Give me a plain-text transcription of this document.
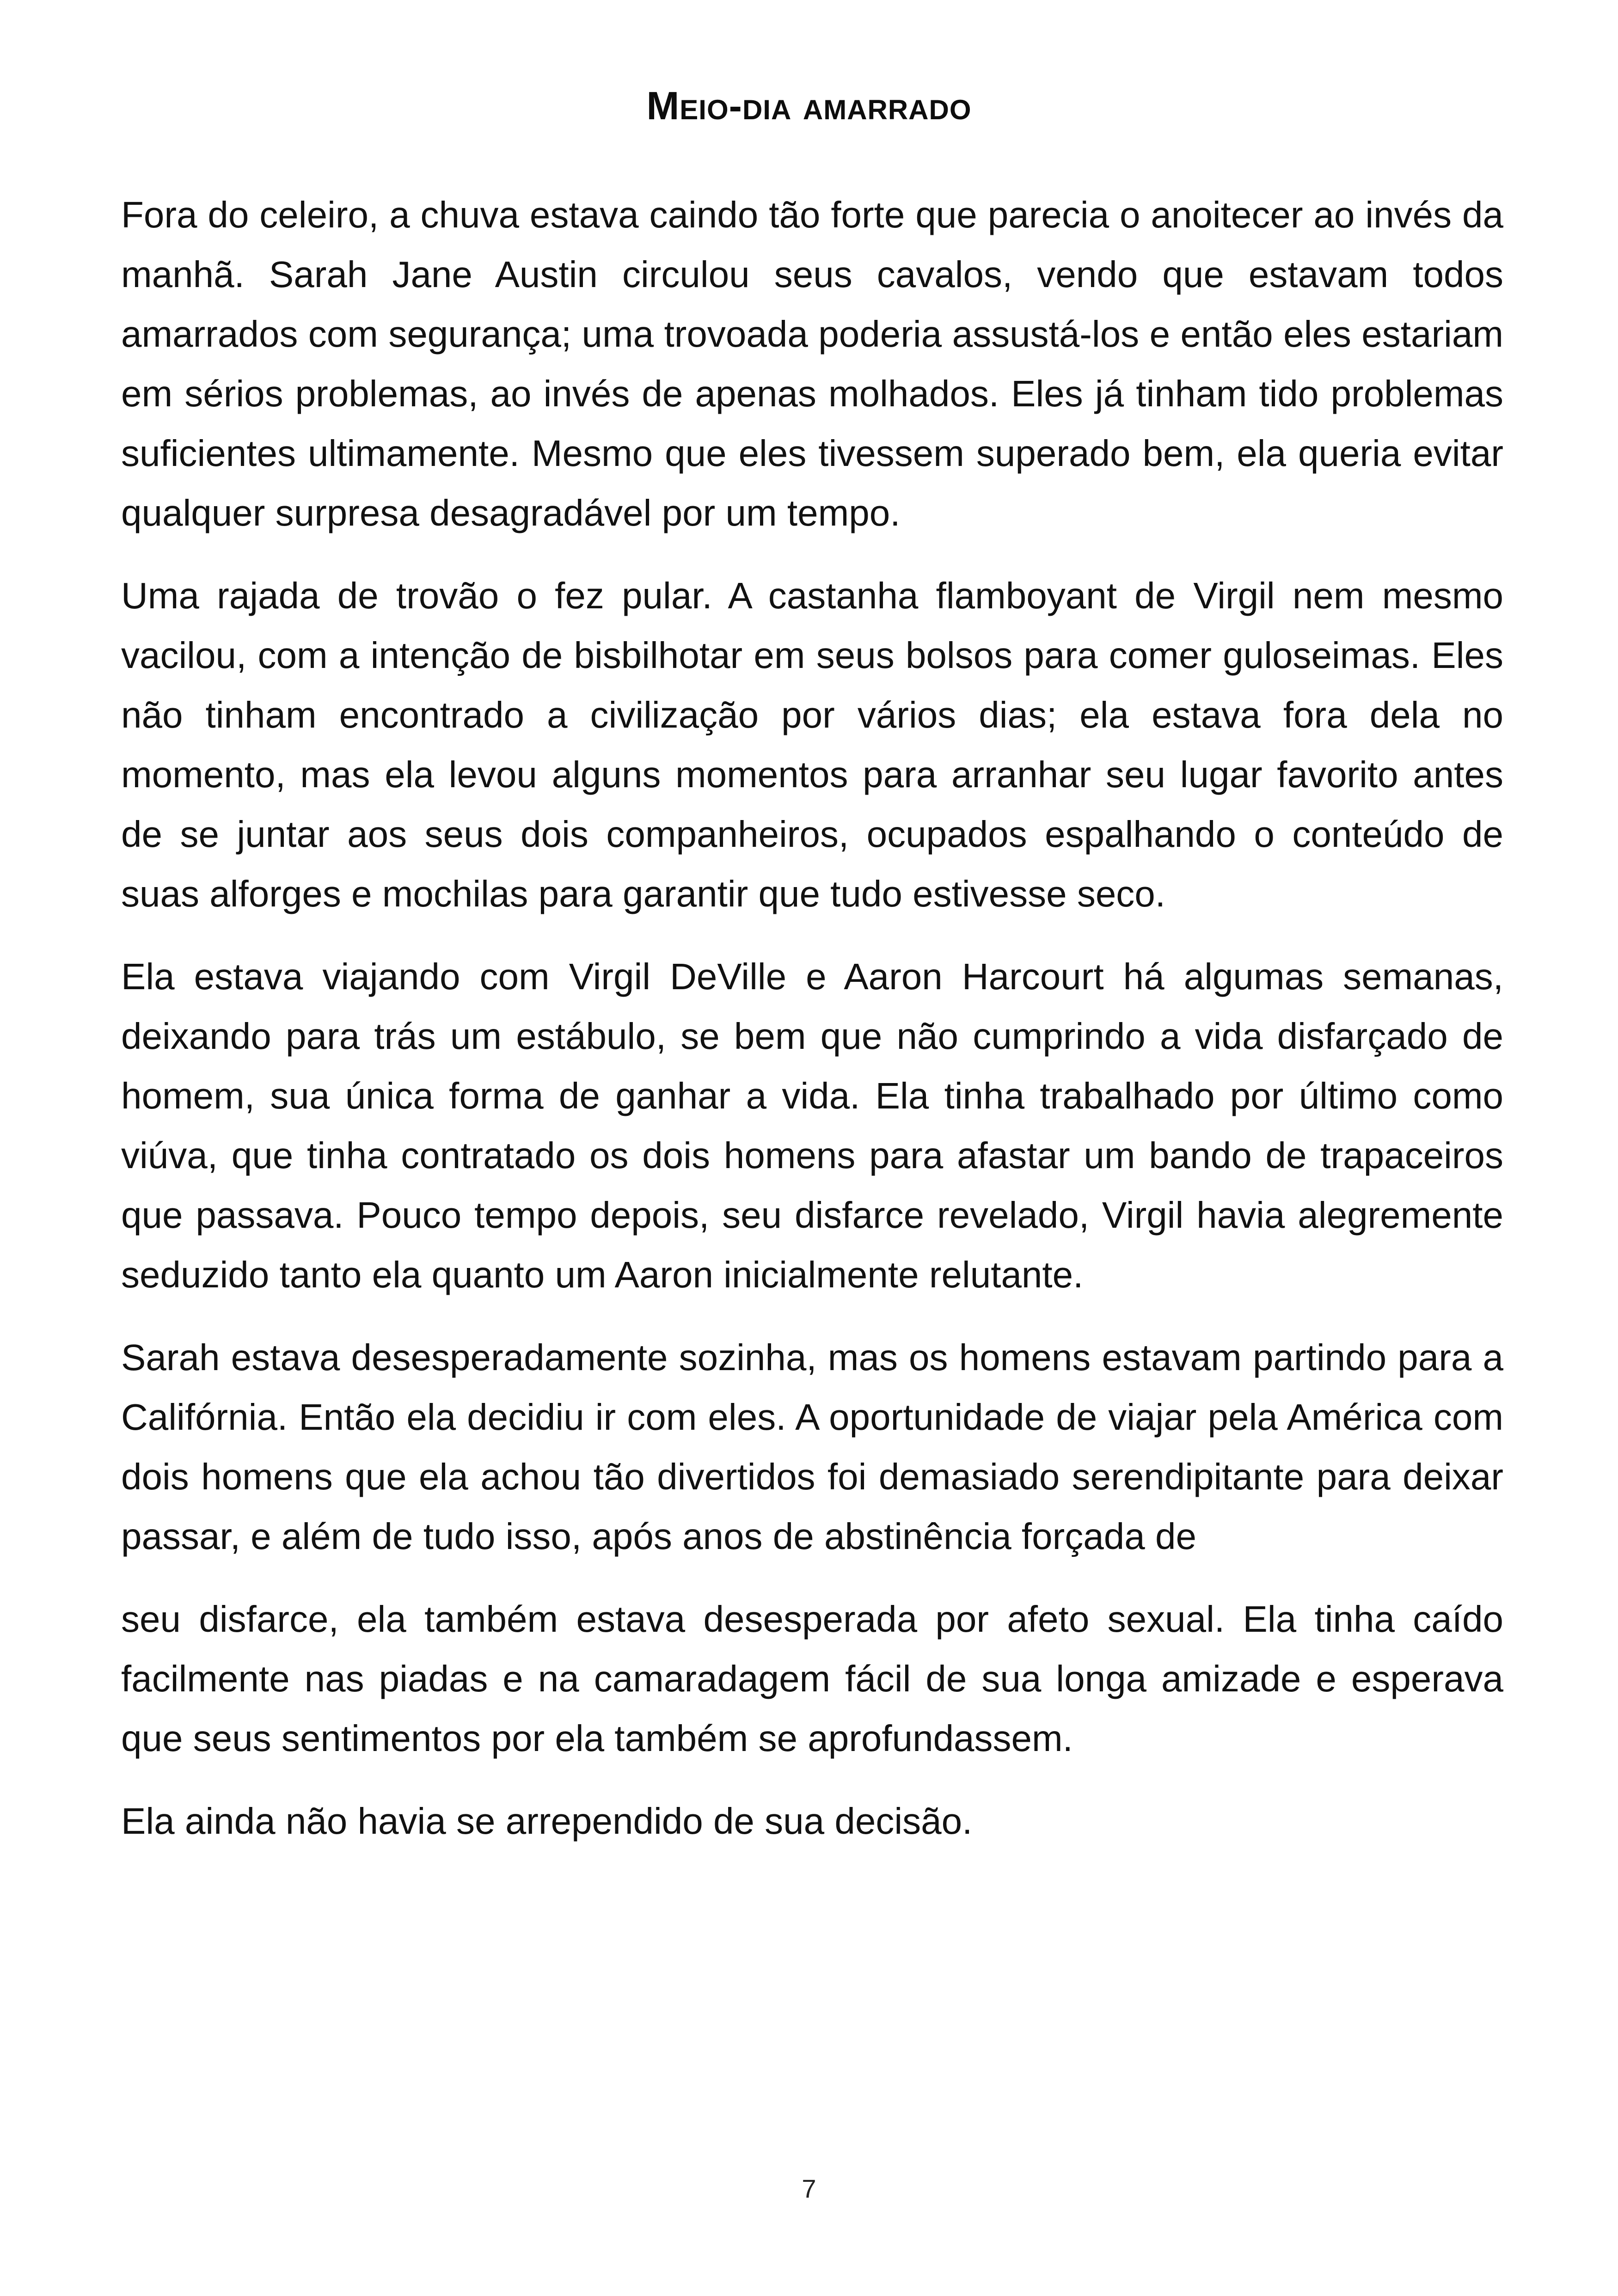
Meio-dia amarrado

Fora do celeiro, a chuva estava caindo tão forte que parecia o anoitecer ao invés da manhã. Sarah Jane Austin circulou seus cavalos, vendo que estavam todos amarrados com segurança; uma trovoada poderia assustá-los e então eles estariam em sérios problemas, ao invés de apenas molhados. Eles já tinham tido problemas suficientes ultimamente. Mesmo que eles tivessem superado bem, ela queria evitar qualquer surpresa desagradável por um tempo.

Uma rajada de trovão o fez pular. A castanha flamboyant de Virgil nem mesmo vacilou, com a intenção de bisbilhotar em seus bolsos para comer guloseimas. Eles não tinham encontrado a civilização por vários dias; ela estava fora dela no momento, mas ela levou alguns momentos para arranhar seu lugar favorito antes de se juntar aos seus dois companheiros, ocupados espalhando o conteúdo de suas alforges e mochilas para garantir que tudo estivesse seco.

Ela estava viajando com Virgil DeVille e Aaron Harcourt há algumas semanas, deixando para trás um estábulo, se bem que não cumprindo a vida disfarçado de homem, sua única forma de ganhar a vida. Ela tinha trabalhado por último como viúva, que tinha contratado os dois homens para afastar um bando de trapaceiros que passava. Pouco tempo depois, seu disfarce revelado, Virgil havia alegremente seduzido tanto ela quanto um Aaron inicialmente relutante.

Sarah estava desesperadamente sozinha, mas os homens estavam partindo para a Califórnia. Então ela decidiu ir com eles. A oportunidade de viajar pela América com dois homens que ela achou tão divertidos foi demasiado serendipitante para deixar passar, e além de tudo isso, após anos de abstinência forçada de

seu disfarce, ela também estava desesperada por afeto sexual. Ela tinha caído facilmente nas piadas e na camaradagem fácil de sua longa amizade e esperava que seus sentimentos por ela também se aprofundassem.

Ela ainda não havia se arrependido de sua decisão.

7
